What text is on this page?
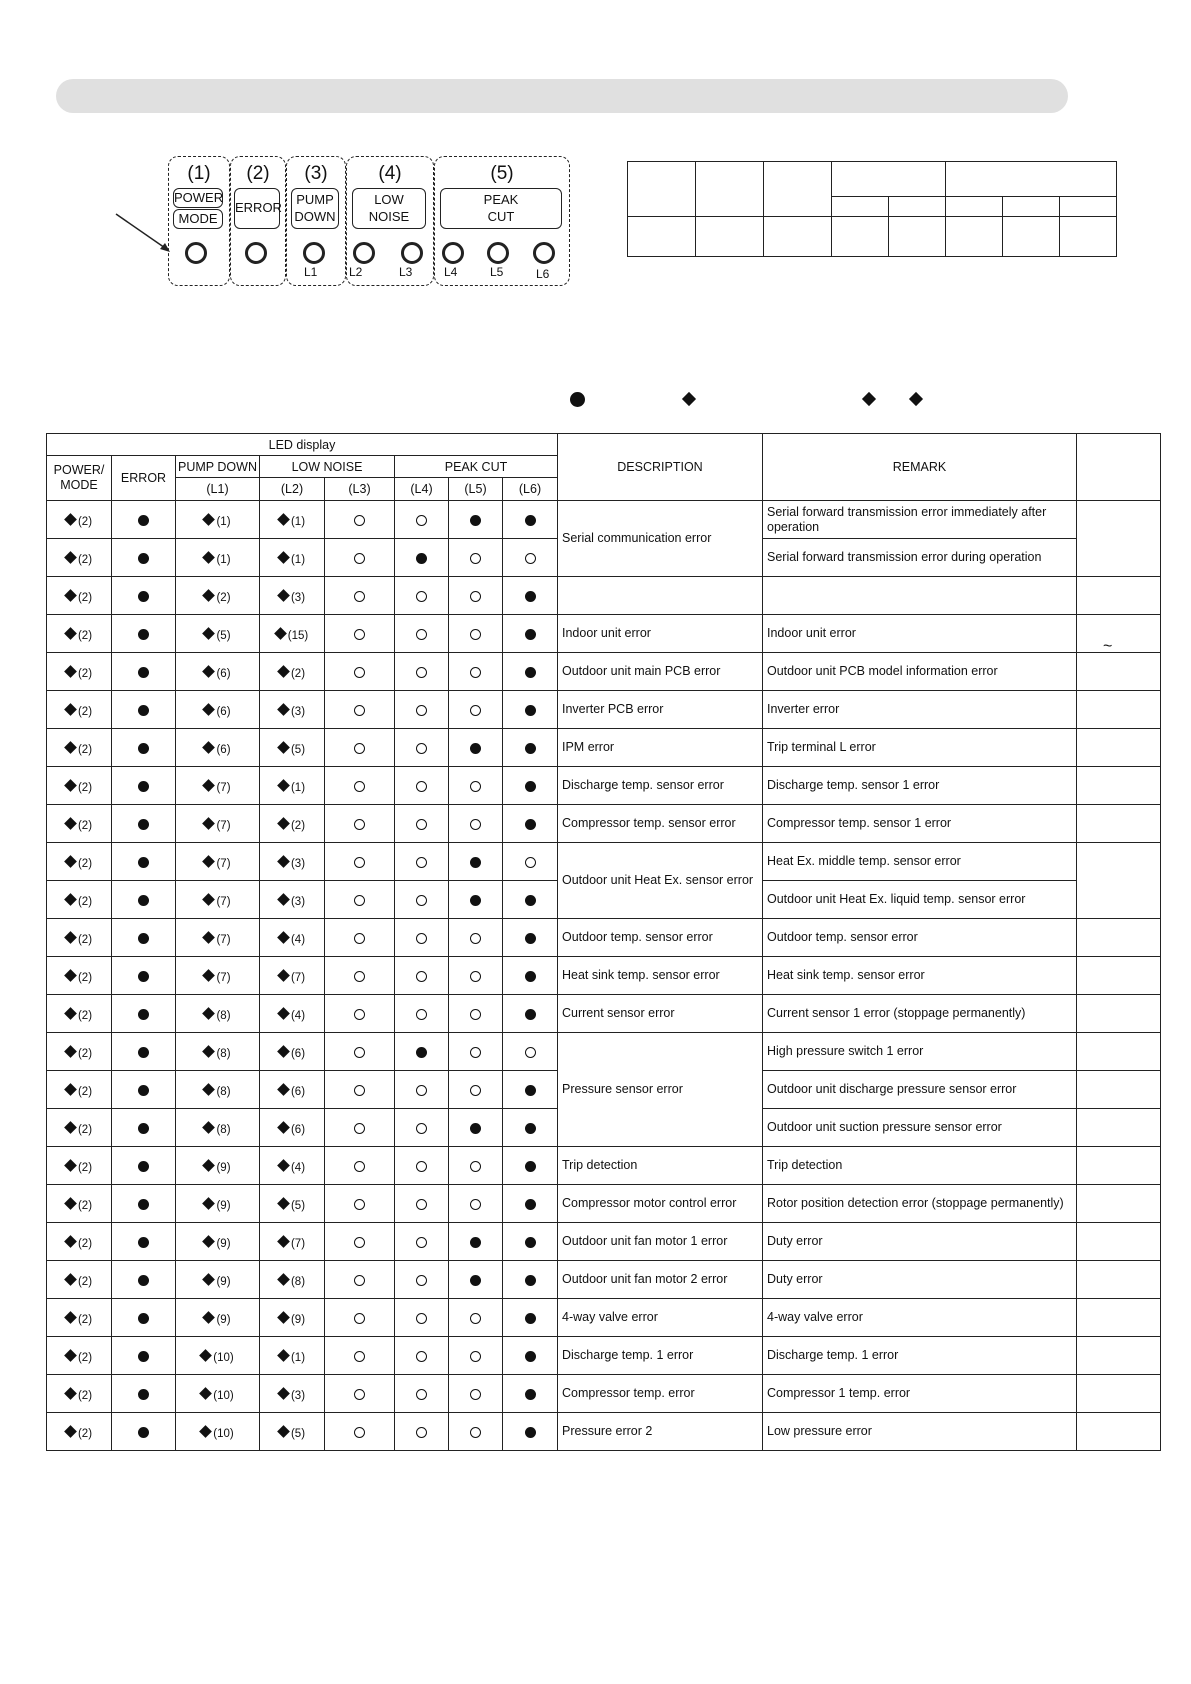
(1)	(2)	(3)	(4)	(5)
POWER
MODE
ERROR
PUMP
DOWN
LOW
NOISE
PEAK
CUT
L1	L2	L3	L4	L5	L6

~
LED display								DESCRIPTION	REMARK	
POWER/ MODE	ERROR	PUMP DOWN	LOW NOISE		PEAK CUT					
		(L1)	(L2)	(L3)	(L4)	(L5)	(L6)			
(2)		(1)	(1)					Serial communication error	Serial forward transmission error immediately after operation	
(2)		(1)	(1)						Serial forward transmission error during operation	
(2)		(2)	(3)							
(2)		(5)	(15)					Indoor unit error	Indoor unit error	
(2)		(6)	(2)					Outdoor unit main PCB error	Outdoor unit PCB model information error	
(2)		(6)	(3)					Inverter PCB error	Inverter error	
(2)		(6)	(5)					IPM error	Trip terminal L error	
(2)		(7)	(1)					Discharge temp. sensor error	Discharge temp. sensor 1 error	
(2)		(7)	(2)					Compressor temp. sensor error	Compressor temp. sensor 1 error	
(2)		(7)	(3)					Outdoor unit Heat Ex. sensor error	Heat Ex. middle temp. sensor error	
(2)		(7)	(3)						Outdoor unit Heat Ex. liquid temp. sensor error	
(2)		(7)	(4)					Outdoor temp. sensor error	Outdoor temp. sensor error	
(2)		(7)	(7)					Heat sink temp. sensor error	Heat sink temp. sensor error	
(2)		(8)	(4)					Current sensor error	Current sensor 1 error (stoppage permanently)	
(2)		(8)	(6)					Pressure sensor error	High pressure switch 1 error	
(2)		(8)	(6)						Outdoor unit discharge pressure sensor error	
(2)		(8)	(6)						Outdoor unit suction pressure sensor error	
(2)		(9)	(4)					Trip detection	Trip detection	
(2)		(9)	(5)					Compressor motor control error	Rotor position detection error (stoppage permanently)	
(2)		(9)	(7)					Outdoor unit fan motor 1 error	Duty error	
(2)		(9)	(8)					Outdoor unit fan motor 2 error	Duty error	
(2)		(9)	(9)					4-way valve error	4-way valve error	
(2)		(10)	(1)					Discharge temp. 1 error	Discharge temp. 1 error	
(2)		(10)	(3)					Compressor temp. error	Compressor 1 temp. error	
(2)		(10)	(5)					Pressure error 2	Low pressure error	
